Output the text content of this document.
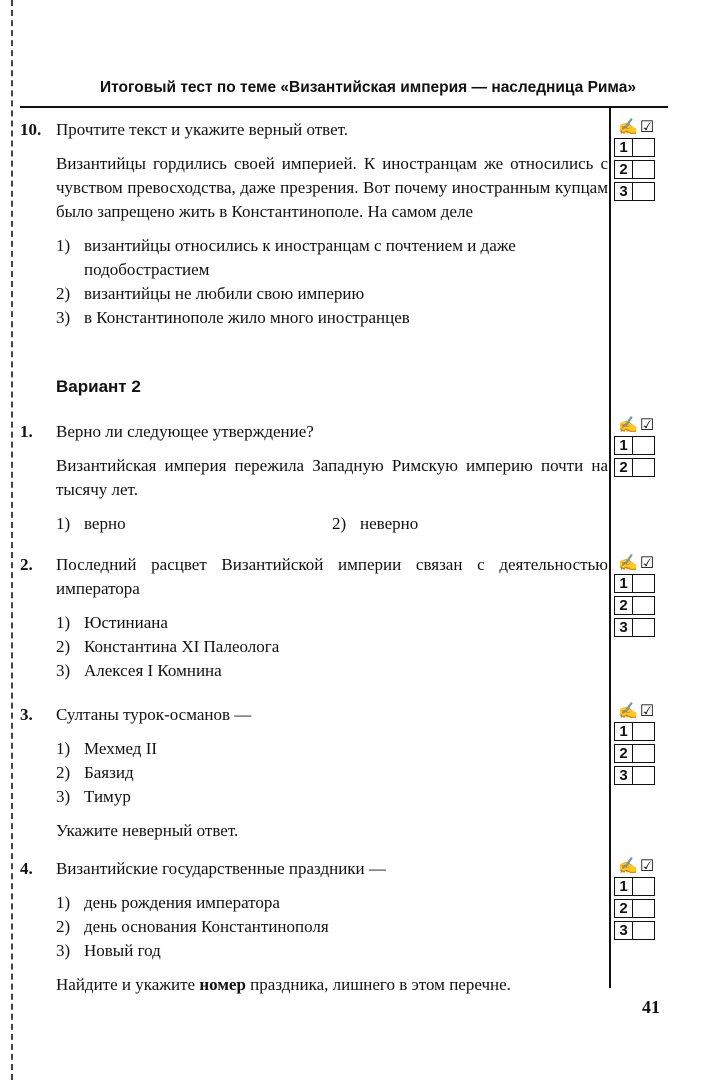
Итоговый тест по теме «Византийская империя — наследница Рима»
10. Прочтите текст и укажите верный ответ.

Византийцы гордились своей империей. К иностранцам же относились с чувством превосходства, даже презрения. Вот почему иностранным купцам было запрещено жить в Константинополе. На самом деле

1) византийцы относились к иностранцам с почтением и даже подобострастием
2) византийцы не любили свою империю
3) в Константинополе жило много иностранцев
✍ ☑
1
2
3
Вариант 2
1. Верно ли следующее утверждение?

Византийская империя пережила Западную Римскую империю почти на тысячу лет.

1) верно	2) неверно
✍ ☑
1
2
2. Последний расцвет Византийской империи связан с деятельностью императора

1) Юстиниана
2) Константина XI Палеолога
3) Алексея I Комнина
✍ ☑
1
2
3
3. Султаны турок-османов —

1) Мехмед II
2) Баязид
3) Тимур

Укажите неверный ответ.

✍ ☑
1
2
3
4. Византийские государственные праздники —

1) день рождения императора
2) день основания Константинополя
3) Новый год

Найдите и укажите номер праздника, лишнего в этом перечне.

✍ ☑
1
2
3
41
